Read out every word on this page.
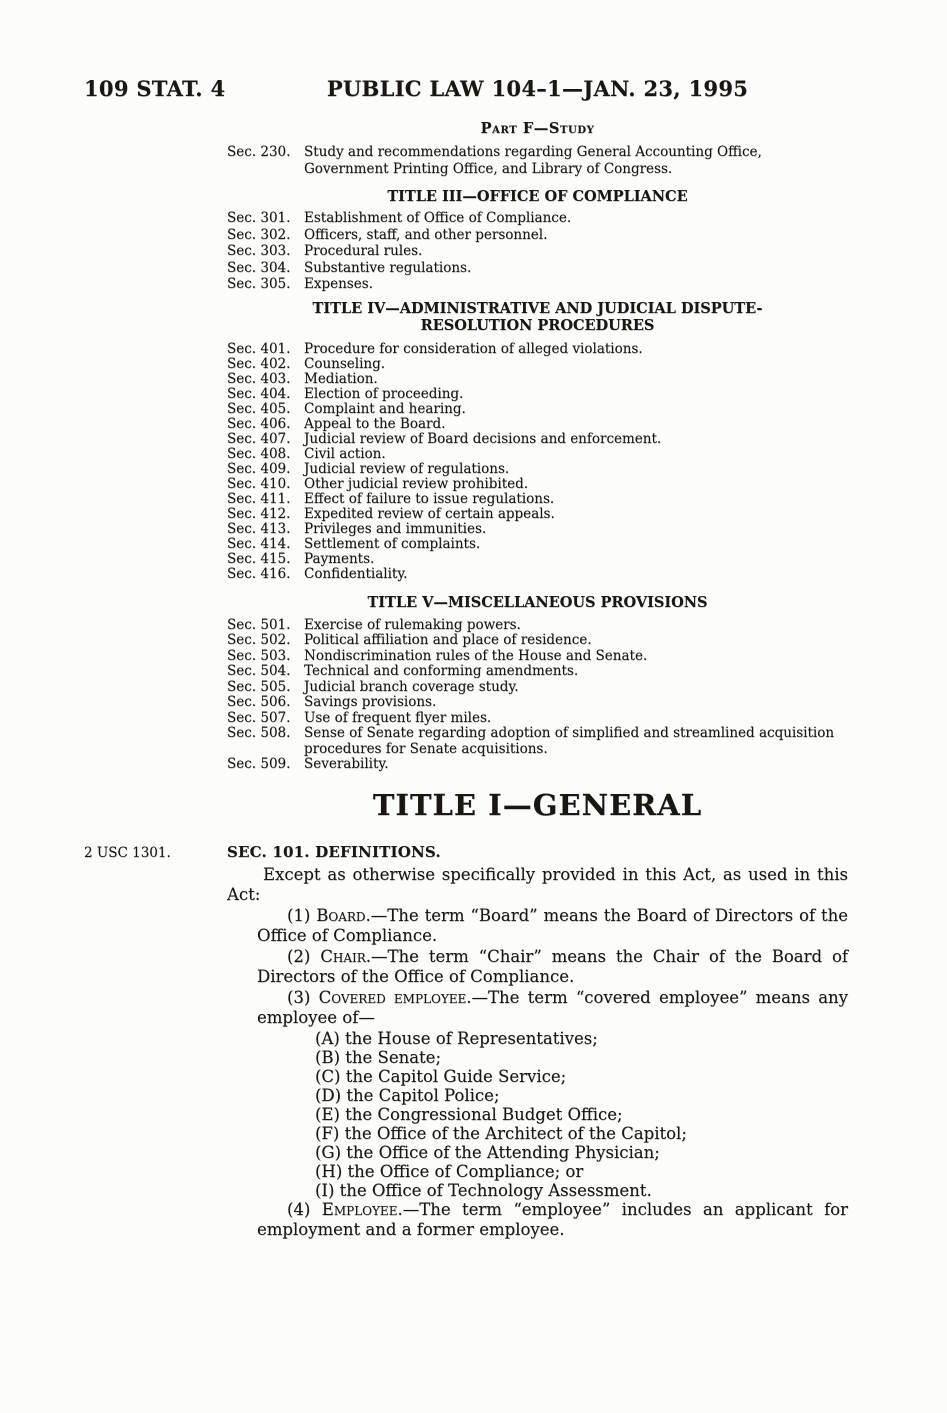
109 STAT. 4	PUBLIC LAW 104–1—JAN. 23, 1995
2 USC 1301.
Part F—Study
Sec. 230.	Study and recommendations regarding General Accounting Office, Government Printing Office, and Library of Congress.
TITLE III—OFFICE OF COMPLIANCE
Sec. 301.	Establishment of Office of Compliance.
Sec. 302.	Officers, staff, and other personnel.
Sec. 303.	Procedural rules.
Sec. 304.	Substantive regulations.
Sec. 305.	Expenses.
TITLE IV—ADMINISTRATIVE AND JUDICIAL DISPUTE-RESOLUTION PROCEDURES
Sec. 401.	Procedure for consideration of alleged violations.
Sec. 402.	Counseling.
Sec. 403.	Mediation.
Sec. 404.	Election of proceeding.
Sec. 405.	Complaint and hearing.
Sec. 406.	Appeal to the Board.
Sec. 407.	Judicial review of Board decisions and enforcement.
Sec. 408.	Civil action.
Sec. 409.	Judicial review of regulations.
Sec. 410.	Other judicial review prohibited.
Sec. 411.	Effect of failure to issue regulations.
Sec. 412.	Expedited review of certain appeals.
Sec. 413.	Privileges and immunities.
Sec. 414.	Settlement of complaints.
Sec. 415.	Payments.
Sec. 416.	Confidentiality.
TITLE V—MISCELLANEOUS PROVISIONS
Sec. 501.	Exercise of rulemaking powers.
Sec. 502.	Political affiliation and place of residence.
Sec. 503.	Nondiscrimination rules of the House and Senate.
Sec. 504.	Technical and conforming amendments.
Sec. 505.	Judicial branch coverage study.
Sec. 506.	Savings provisions.
Sec. 507.	Use of frequent flyer miles.
Sec. 508.	Sense of Senate regarding adoption of simplified and streamlined acquisition procedures for Senate acquisitions.
Sec. 509.	Severability.
TITLE I—GENERAL
SEC. 101. DEFINITIONS.

Except as otherwise specifically provided in this Act, as used in this Act:

(1) Board.—The term “Board” means the Board of Directors of the Office of Compliance.

(2) Chair.—The term “Chair” means the Chair of the Board of Directors of the Office of Compliance.

(3) Covered employee.—The term “covered employee” means any employee of—

(A) the House of Representatives;

(B) the Senate;

(C) the Capitol Guide Service;

(D) the Capitol Police;

(E) the Congressional Budget Office;

(F) the Office of the Architect of the Capitol;

(G) the Office of the Attending Physician;

(H) the Office of Compliance; or

(I) the Office of Technology Assessment.

(4) Employee.—The term “employee” includes an applicant for employment and a former employee.
